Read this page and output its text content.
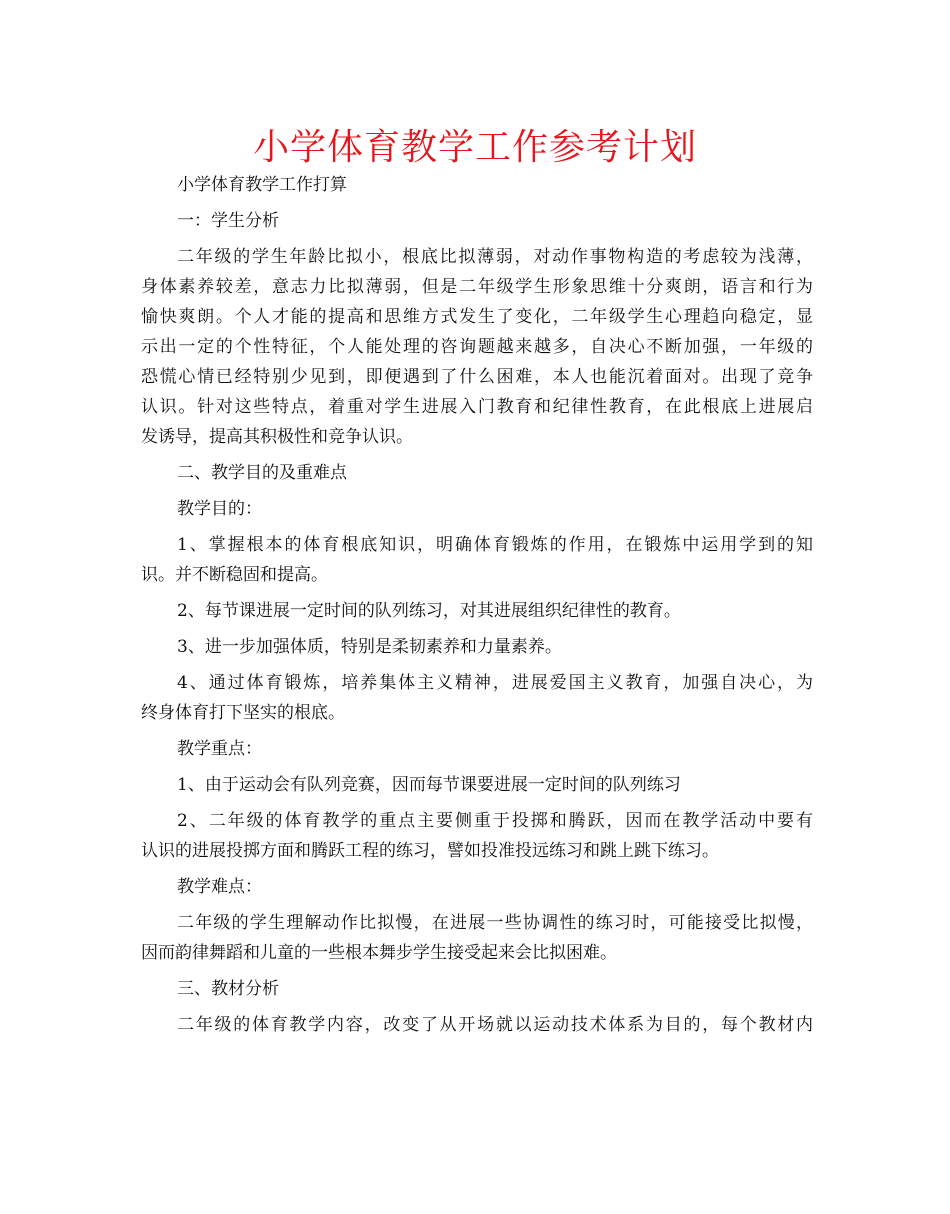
小学体育教学工作参考计划
小学体育教学工作打算
一：学生分析
二年级的学生年龄比拟小，根底比拟薄弱，对动作事物构造的考虑较为浅薄，
身体素养较差，意志力比拟薄弱，但是二年级学生形象思维十分爽朗，语言和行为
愉快爽朗。个人才能的提高和思维方式发生了变化，二年级学生心理趋向稳定，显
示出一定的个性特征，个人能处理的咨询题越来越多，自决心不断加强，一年级的
恐慌心情已经特别少见到，即便遇到了什么困难，本人也能沉着面对。出现了竞争
认识。针对这些特点，着重对学生进展入门教育和纪律性教育，在此根底上进展启
发诱导，提高其积极性和竞争认识。
二、教学目的及重难点
教学目的：
1、掌握根本的体育根底知识，明确体育锻炼的作用，在锻炼中运用学到的知
识。并不断稳固和提高。
2、每节课进展一定时间的队列练习，对其进展组织纪律性的教育。
3、进一步加强体质，特别是柔韧素养和力量素养。
4、通过体育锻炼，培养集体主义精神，进展爱国主义教育，加强自决心，为
终身体育打下坚实的根底。
教学重点：
1、由于运动会有队列竞赛，因而每节课要进展一定时间的队列练习
2、二年级的体育教学的重点主要侧重于投掷和腾跃，因而在教学活动中要有
认识的进展投掷方面和腾跃工程的练习，譬如投准投远练习和跳上跳下练习。
教学难点：
二年级的学生理解动作比拟慢，在进展一些协调性的练习时，可能接受比拟慢，
因而韵律舞蹈和儿童的一些根本舞步学生接受起来会比拟困难。
三、教材分析
二年级的体育教学内容，改变了从开场就以运动技术体系为目的，每个教材内
